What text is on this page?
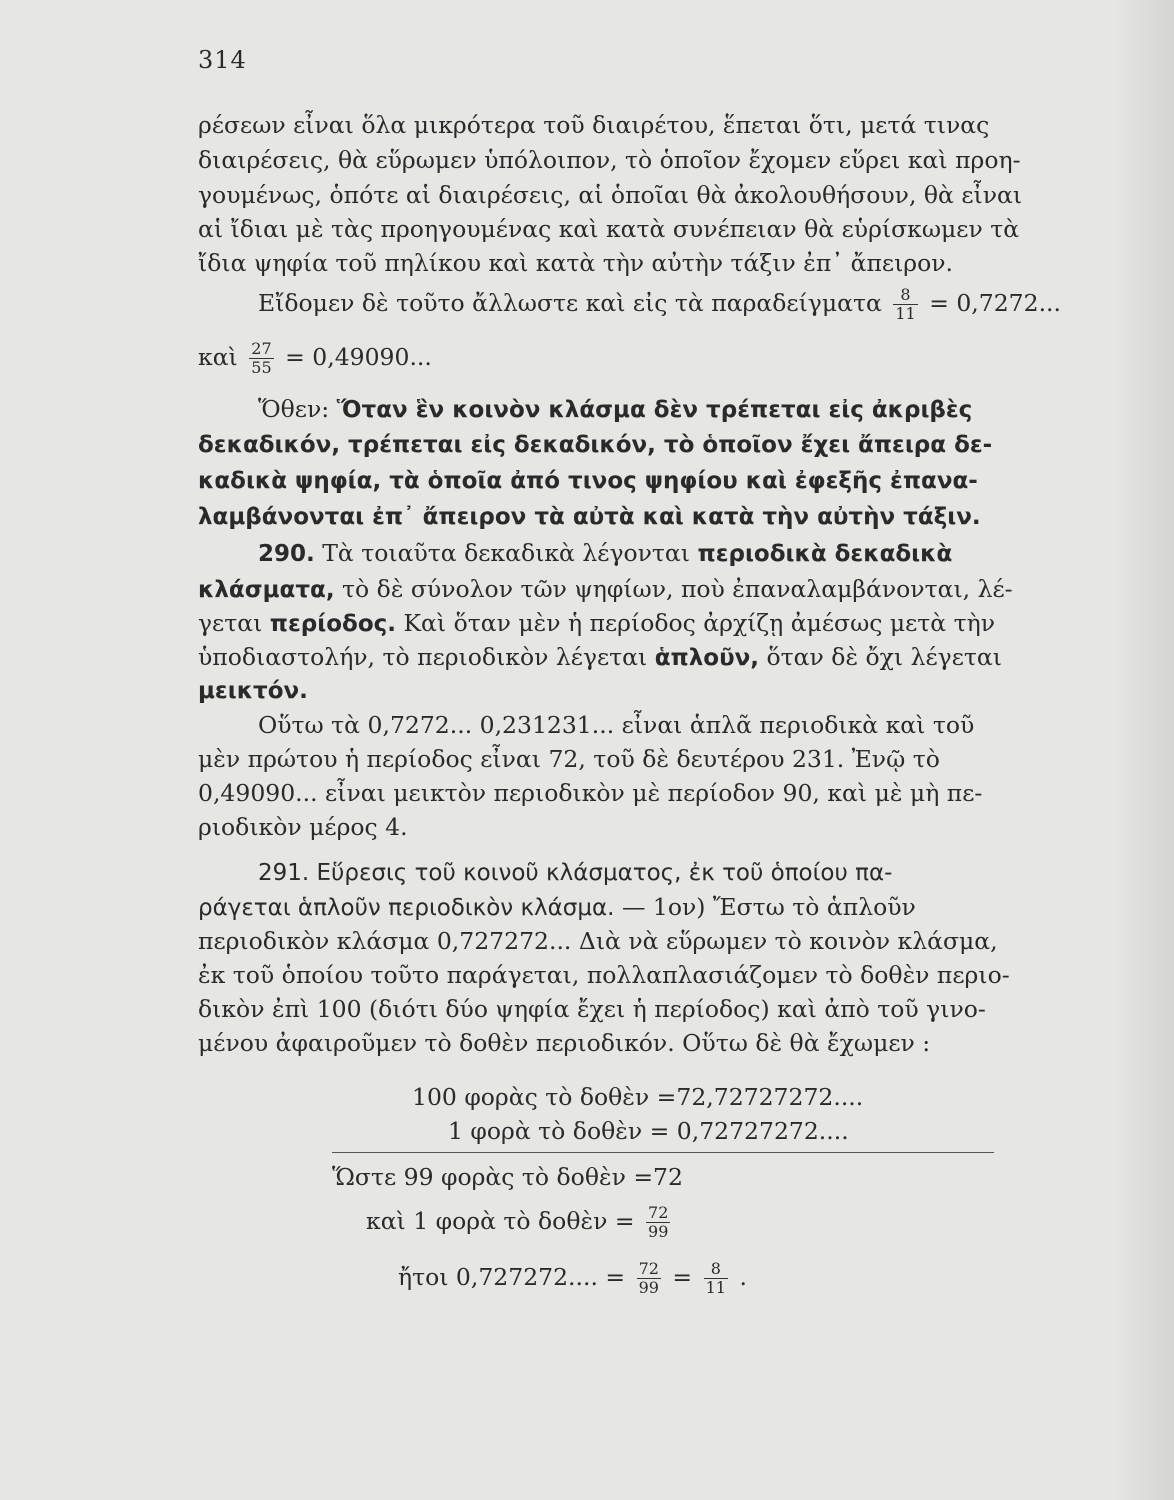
314
ρέσεων εἶναι ὅλα μικρότερα τοῦ διαιρέτου, ἕπεται ὅτι, μετά τινας
διαιρέσεις, θὰ εὕρωμεν ὑπόλοιπον, τὸ ὁποῖον ἔχομεν εὕρει καὶ προη-
γουμένως, ὁπότε αἱ διαιρέσεις, αἱ ὁποῖαι θὰ ἀκολουθήσουν, θὰ εἶναι
αἱ ἴδιαι μὲ τὰς προηγουμένας καὶ κατὰ συνέπειαν θὰ εὑρίσκωμεν τὰ
ἴδια ψηφία τοῦ πηλίκου καὶ κατὰ τὴν αὐτὴν τάξιν ἐπ᾿ ἄπειρον.
Εἴδομεν δὲ τοῦτο ἄλλωστε καὶ εἰς τὰ παραδείγματα $\frac{8}{11} = 0,7272$...
καὶ $\frac{27}{55} = 0,49090$...
Ὅθεν: Ὅταν ἓν κοινὸν κλάσμα δὲν τρέπεται εἰς ἀκριβὲς
δεκαδικόν, τρέπεται εἰς δεκαδικόν, τὸ ὁποῖον ἔχει ἄπειρα δε-
καδικὰ ψηφία, τὰ ὁποῖα ἀπό τινος ψηφίου καὶ ἐφεξῆς ἐπανα-
λαμβάνονται ἐπ᾿ ἄπειρον τὰ αὐτὰ καὶ κατὰ τὴν αὐτὴν τάξιν.
290. Τὰ τοιαῦτα δεκαδικὰ λέγονται περιοδικὰ δεκαδικὰ
κλάσματα, τὸ δὲ σύνολον τῶν ψηφίων, ποὺ ἐπαναλαμβάνονται, λέ-
γεται περίοδος. Καὶ ὅταν μὲν ἡ περίοδος ἀρχίζῃ ἀμέσως μετὰ τὴν
ὑποδιαστολήν, τὸ περιοδικὸν λέγεται ἁπλοῦν, ὅταν δὲ ὄχι λέγεται
μεικτόν.
Οὕτω τὰ 0,7272... 0,231231... εἶναι ἁπλᾶ περιοδικὰ καὶ τοῦ
μὲν πρώτου ἡ περίοδος εἶναι 72, τοῦ δὲ δευτέρου 231. Ἐνῷ τὸ
0,49090... εἶναι μεικτὸν περιοδικὸν μὲ περίοδον 90, καὶ μὲ μὴ πε-
ριοδικὸν μέρος 4.
291. Εὕρεσις τοῦ κοινοῦ κλάσματος, ἐκ τοῦ ὁποίου πα-
ράγεται ἁπλοῦν περιοδικὸν κλάσμα. — 1ον) Ἔστω τὸ ἁπλοῦν
περιοδικὸν κλάσμα 0,727272... Διὰ νὰ εὕρωμεν τὸ κοινὸν κλάσμα,
ἐκ τοῦ ὁποίου τοῦτο παράγεται, πολλαπλασιάζομεν τὸ δοθὲν περιο-
δικὸν ἐπὶ 100 (διότι δύο ψηφία ἔχει ἡ περίοδος) καὶ ἀπὸ τοῦ γινο-
μένου ἀφαιροῦμεν τὸ δοθὲν περιοδικόν. Οὕτω δὲ θὰ ἔχωμεν :
100 φορὰς τὸ δοθὲν =72,72727272....
1 φορὰ τὸ δοθὲν = 0,72727272....
Ὥστε 99 φορὰς τὸ δοθὲν =72
καὶ 1 φορὰ τὸ δοθὲν = $\frac{72}{99}$
ἤτοι 0,727272.... = $\frac{72}{99} = \frac{8}{11}$ .
